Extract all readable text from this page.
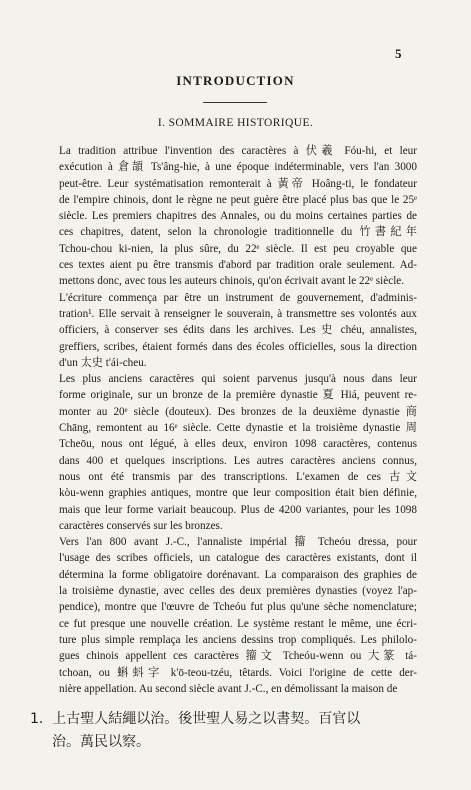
5
INTRODUCTION
I. SOMMAIRE HISTORIQUE.

La tradition attribue l'invention des caractères à 伏羲 Fóu-hi, et leur
exécution à 倉頡 Ts'âng-hie, à une époque indéterminable, vers l'an 3000
peut-être. Leur systématisation remonterait à 黃帝 Hoâng-ti, le fondateur
de l'empire chinois, dont le règne ne peut guère être placé plus bas que le 25ᵉ
siècle. Les premiers chapitres des Annales, ou du moins certaines parties de
ces chapitres, datent, selon la chronologie traditionnelle du 竹書紀年
Tchou-chou ki-nien, la plus sûre, du 22ᵉ siècle. Il est peu croyable que
ces textes aient pu être transmis d'abord par tradition orale seulement. Ad-
mettons donc, avec tous les auteurs chinois, qu'on écrivait avant le 22ᵉ siècle.

L'écriture commença par être un instrument de gouvernement, d'adminis-
tration¹. Elle servait à renseigner le souverain, à transmettre ses volontés aux
officiers, à conserver ses édits dans les archives. Les 史 chéu, annalistes,
greffiers, scribes, étaient formés dans des écoles officielles, sous la direction
d'un 太史 t'ái-cheu.

Les plus anciens caractères qui soient parvenus jusqu'à nous dans leur
forme originale, sur un bronze de la première dynastie 夏 Hiá, peuvent re-
monter au 20ᵉ siècle (douteux). Des bronzes de la deuxième dynastie 商
Chāng, remontent au 16ᵉ siècle. Cette dynastie et la troisième dynastie 周
Tcheōu, nous ont légué, à elles deux, environ 1098 caractères, contenus
dans 400 et quelques inscriptions. Les autres caractères anciens connus,
nous ont été transmis par des transcriptions. L'examen de ces 古文
kòu-wenn graphies antiques, montre que leur composition était bien définie,
mais que leur forme variait beaucoup. Plus de 4200 variantes, pour les 1098
caractères conservés sur les bronzes.

Vers l'an 800 avant J.-C., l'annaliste impérial 籀 Tcheóu dressa, pour
l'usage des scribes officiels, un catalogue des caractères existants, dont il
détermina la forme obligatoire dorénavant. La comparaison des graphies de
la troisième dynastie, avec celles des deux premières dynasties (voyez l'ap-
pendice), montre que l'œuvre de Tcheóu fut plus qu'une sèche nomenclature;
ce fut presque une nouvelle création. Le système restant le même, une écri-
ture plus simple remplaça les anciens dessins trop compliqués. Les philolo-
gues chinois appellent ces caractères 籀文 Tcheóu-wenn ou 大篆 tá-
tchoan, ou 蝌蚪字 k'ō-teou-tzéu, têtards. Voici l'origine de cette der-
nière appellation. Au second siècle avant J.-C., en démolissant la maison de

1. 上古聖人結繩以治。後世聖人易之以書契。百官以
治。萬民以察。
